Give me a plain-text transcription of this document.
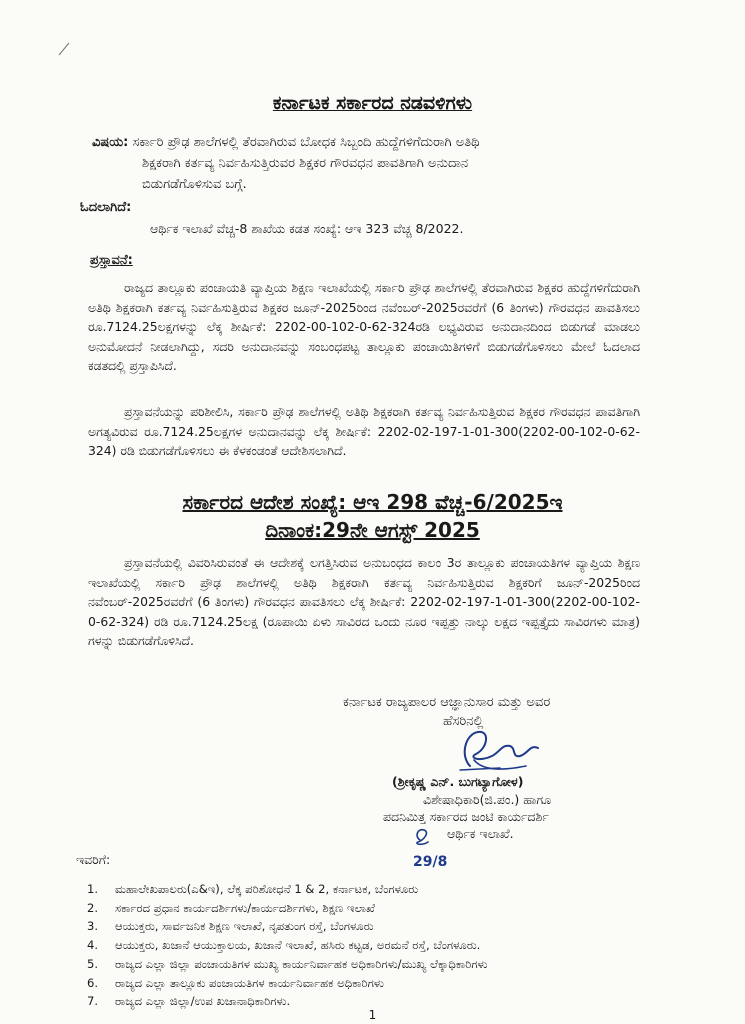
ಕರ್ನಾಟಕ ಸರ್ಕಾರದ ನಡವಳಿಗಳು
ವಿಷಯ: ಸರ್ಕಾರಿ ಪ್ರೌಢ ಶಾಲೆಗಳಲ್ಲಿ ತೆರವಾಗಿರುವ ಬೋಧಕ ಸಿಬ್ಬಂದಿ ಹುದ್ದೆಗಳಿಗೆದುರಾಗಿ ಅತಿಥಿ
ಶಿಕ್ಷಕರಾಗಿ ಕರ್ತವ್ಯ ನಿರ್ವಹಿಸುತ್ತಿರುವರ ಶಿಕ್ಷಕರ ಗೌರವಧನ ಪಾವತಿಗಾಗಿ ಅನುದಾನ
ಬಿಡುಗಡೆಗೊಳಿಸುವ ಬಗ್ಗೆ.
ಓದಲಾಗಿದೆ:
ಆರ್ಥಿಕ ಇಲಾಖೆ ವೆಚ್ಚ-8 ಶಾಖೆಯ ಕಡತ ಸಂಖ್ಯೆ: ಆಇ 323 ವೆಚ್ಚ 8/2022.
ಪ್ರಸ್ತಾವನೆ:
ರಾಜ್ಯದ ತಾಲ್ಲೂಕು ಪಂಚಾಯತಿ ವ್ಯಾಪ್ತಿಯ ಶಿಕ್ಷಣ ಇಲಾಖೆಯಲ್ಲಿ ಸರ್ಕಾರಿ ಪ್ರೌಢ ಶಾಲೆಗಳಲ್ಲಿ ತೆರವಾಗಿರುವ ಶಿಕ್ಷಕರ ಹುದ್ದೆಗಳಿಗೆದುರಾಗಿ ಅತಿಥಿ ಶಿಕ್ಷಕರಾಗಿ ಕರ್ತವ್ಯ ನಿರ್ವಹಿಸುತ್ತಿರುವ ಶಿಕ್ಷಕರ ಜೂನ್-2025ರಿಂದ ನವೆಂಬರ್-2025ರವರೆಗೆ (6 ತಿಂಗಳು) ಗೌರವಧನ ಪಾವತಿಸಲು ರೂ.7124.25ಲಕ್ಷಗಳನ್ನು ಲೆಕ್ಕ ಶೀರ್ಷಿಕೆ: 2202-00-102-0-62-324ರಡಿ ಲಭ್ಯವಿರುವ ಅನುದಾನದಿಂದ ಬಿಡುಗಡೆ ಮಾಡಲು ಅನುಮೋದನೆ ನೀಡಲಾಗಿದ್ದು, ಸದರಿ ಅನುದಾನವನ್ನು ಸಂಬಂಧಪಟ್ಟ ತಾಲ್ಲೂಕು ಪಂಚಾಯಿತಿಗಳಿಗೆ ಬಿಡುಗಡೆಗೊಳಿಸಲು ಮೇಲೆ ಓದಲಾದ ಕಡತದಲ್ಲಿ ಪ್ರಸ್ತಾಪಿಸಿದೆ.
ಪ್ರಸ್ತಾವನೆಯನ್ನು ಪರಿಶೀಲಿಸಿ, ಸರ್ಕಾರಿ ಪ್ರೌಢ ಶಾಲೆಗಳಲ್ಲಿ ಅತಿಥಿ ಶಿಕ್ಷಕರಾಗಿ ಕರ್ತವ್ಯ ನಿರ್ವಹಿಸುತ್ತಿರುವ ಶಿಕ್ಷಕರ ಗೌರವಧನ ಪಾವತಿಗಾಗಿ ಅಗತ್ಯವಿರುವ ರೂ.7124.25ಲಕ್ಷಗಳ ಅನುದಾನವನ್ನು ಲೆಕ್ಕ ಶೀರ್ಷಿಕೆ: 2202-02-197-1-01-300(2202-00-102-0-62-324) ರಡಿ ಬಿಡುಗಡೆಗೊಳಿಸಲು ಈ ಕೆಳಕಂಡಂತೆ ಆದೇಶಿಸಲಾಗಿದೆ.
ಸರ್ಕಾರದ ಆದೇಶ ಸಂಖ್ಯೆ: ಆಇ 298 ವೆಚ್ಚ-6/2025ಇ
ದಿನಾಂಕ:29ನೇ ಆಗಸ್ಟ್ 2025
ಪ್ರಸ್ತಾವನೆಯಲ್ಲಿ ವಿವರಿಸಿರುವಂತೆ ಈ ಆದೇಶಕ್ಕೆ ಲಗತ್ತಿಸಿರುವ ಅನುಬಂಧದ ಕಾಲಂ 3ರ ತಾಲ್ಲೂಕು ಪಂಚಾಯತಿಗಳ ವ್ಯಾಪ್ತಿಯ ಶಿಕ್ಷಣ ಇಲಾಖೆಯಲ್ಲಿ ಸರ್ಕಾರಿ ಪ್ರೌಢ ಶಾಲೆಗಳಲ್ಲಿ ಅತಿಥಿ ಶಿಕ್ಷಕರಾಗಿ ಕರ್ತವ್ಯ ನಿರ್ವಹಿಸುತ್ತಿರುವ ಶಿಕ್ಷಕರಿಗೆ ಜೂನ್-2025ರಿಂದ ನವೆಂಬರ್-2025ರವರೆಗೆ (6 ತಿಂಗಳು) ಗೌರವಧನ ಪಾವತಿಸಲು ಲೆಕ್ಕ ಶೀರ್ಷಿಕೆ: 2202-02-197-1-01-300(2202-00-102-0-62-324) ರಡಿ ರೂ.7124.25ಲಕ್ಷ (ರೂಪಾಯಿ ಏಳು ಸಾವಿರದ ಒಂದು ನೂರ ಇಪ್ಪತ್ತು ನಾಲ್ಕು ಲಕ್ಷದ ಇಪ್ಪತ್ತೈದು ಸಾವಿರಗಳು ಮಾತ್ರ) ಗಳನ್ನು ಬಿಡುಗಡೆಗೊಳಿಸಿದೆ.
ಕರ್ನಾಟಕ ರಾಜ್ಯಪಾಲರ ಆಜ್ಞಾನುಸಾರ ಮತ್ತು ಅವರ
ಹೆಸರಿನಲ್ಲಿ
(ಶ್ರೀಕೃಷ್ಣ ಎನ್. ಬುಗಟ್ಯಾಗೋಳ)
ವಿಶೇಷಾಧಿಕಾರಿ(ಜಿ.ಪಂ.) ಹಾಗೂ
ಪದನಿಮಿತ್ತ ಸರ್ಕಾರದ ಜಂಟಿ ಕಾರ್ಯದರ್ಶಿ
ಆರ್ಥಿಕ ಇಲಾಖೆ.
29/8
ಇವರಿಗೆ:
1. ಮಹಾಲೇಖಪಾಲರು(ಎ&ಇ), ಲೆಕ್ಕ ಪರಿಶೋಧನೆ 1 & 2, ಕರ್ನಾಟಕ, ಬೆಂಗಳೂರು
2. ಸರ್ಕಾರದ ಪ್ರಧಾನ ಕಾರ್ಯದರ್ಶಿಗಳು/ಕಾರ್ಯದರ್ಶಿಗಳು, ಶಿಕ್ಷಣ ಇಲಾಖೆ
3. ಆಯುಕ್ತರು, ಸಾರ್ವಜನಿಕ ಶಿಕ್ಷಣ ಇಲಾಖೆ, ನೃಪತುಂಗ ರಸ್ತೆ, ಬೆಂಗಳೂರು
4. ಆಯುಕ್ತರು, ಖಜಾನೆ ಆಯುಕ್ತಾಲಯ, ಖಜಾನೆ ಇಲಾಖೆ, ಹಸಿರು ಕಟ್ಟಡ, ಅರಮನೆ ರಸ್ತೆ, ಬೆಂಗಳೂರು.
5. ರಾಜ್ಯದ ಎಲ್ಲಾ ಜಿಲ್ಲಾ ಪಂಚಾಯತಿಗಳ ಮುಖ್ಯ ಕಾರ್ಯನಿರ್ವಾಹಕ ಅಧಿಕಾರಿಗಳು/ಮುಖ್ಯ ಲೆಕ್ಕಾಧಿಕಾರಿಗಳು
6. ರಾಜ್ಯದ ಎಲ್ಲಾ ತಾಲ್ಲೂಕು ಪಂಚಾಯತಿಗಳ ಕಾರ್ಯನಿರ್ವಾಹಕ ಅಧಿಕಾರಿಗಳು
7. ರಾಜ್ಯದ ಎಲ್ಲಾ ಜಿಲ್ಲಾ/ಉಪ ಖಜಾನಾಧಿಕಾರಿಗಳು.
1
